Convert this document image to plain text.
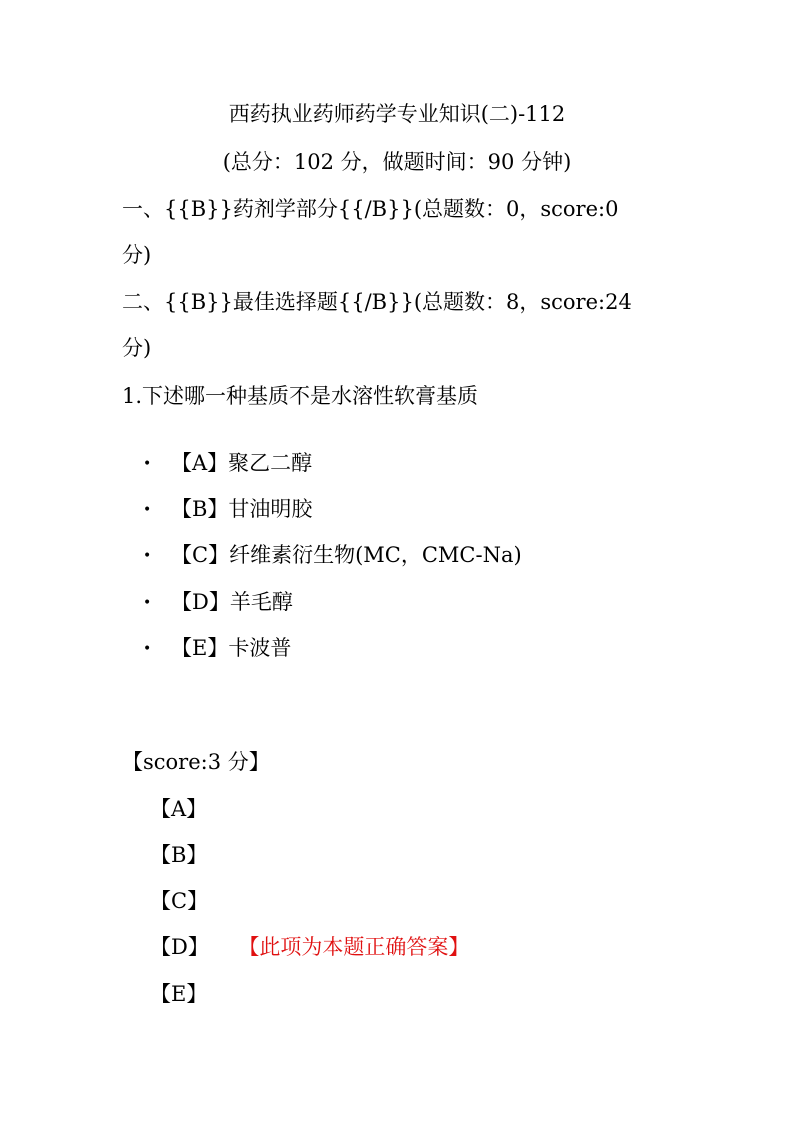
西药执业药师药学专业知识(二)-112
(总分：102 分，做题时间：90 分钟)
一、{{B}}药剂学部分{{/B}}(总题数：0，score:0
分)
二、{{B}}最佳选择题{{/B}}(总题数：8，score:24
分)
1.下述哪一种基质不是水溶性软膏基质
• 【A】聚乙二醇
• 【B】甘油明胶
• 【C】纤维素衍生物(MC，CMC-Na)
• 【D】羊毛醇
• 【E】卡波普
【score:3 分】
【A】
【B】
【C】
【D】 【此项为本题正确答案】
【E】
